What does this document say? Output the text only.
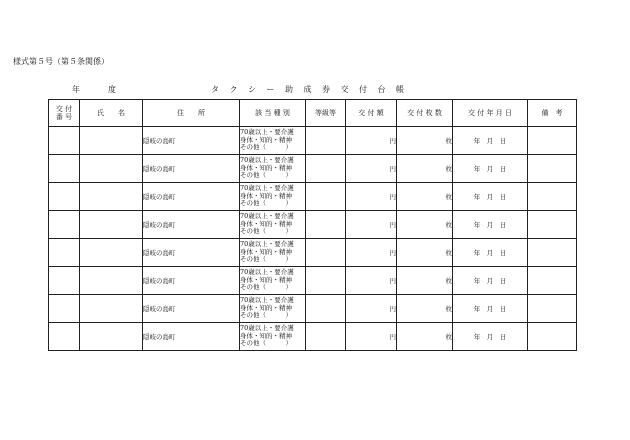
様式第５号（第５条関係）
年　度	タクシー助成券交付台帳
交 付
番 号	氏　　名	住　　所	該 当 種 別	等級等	交 付 額	交 付 枚 数	交 付 年 月 日	備　考
		隠岐の島町	70歳以上・要介護
身体・知的・精神
その他（　　　）		円	枚	年　月　日	
		隠岐の島町	70歳以上・要介護
身体・知的・精神
その他（　　　）		円	枚	年　月　日	
		隠岐の島町	70歳以上・要介護
身体・知的・精神
その他（　　　）		円	枚	年　月　日	
		隠岐の島町	70歳以上・要介護
身体・知的・精神
その他（　　　）		円	枚	年　月　日	
		隠岐の島町	70歳以上・要介護
身体・知的・精神
その他（　　　）		円	枚	年　月　日	
		隠岐の島町	70歳以上・要介護
身体・知的・精神
その他（　　　）		円	枚	年　月　日	
		隠岐の島町	70歳以上・要介護
身体・知的・精神
その他（　　　）		円	枚	年　月　日	
		隠岐の島町	70歳以上・要介護
身体・知的・精神
その他（　　　）		円	枚	年　月　日	
